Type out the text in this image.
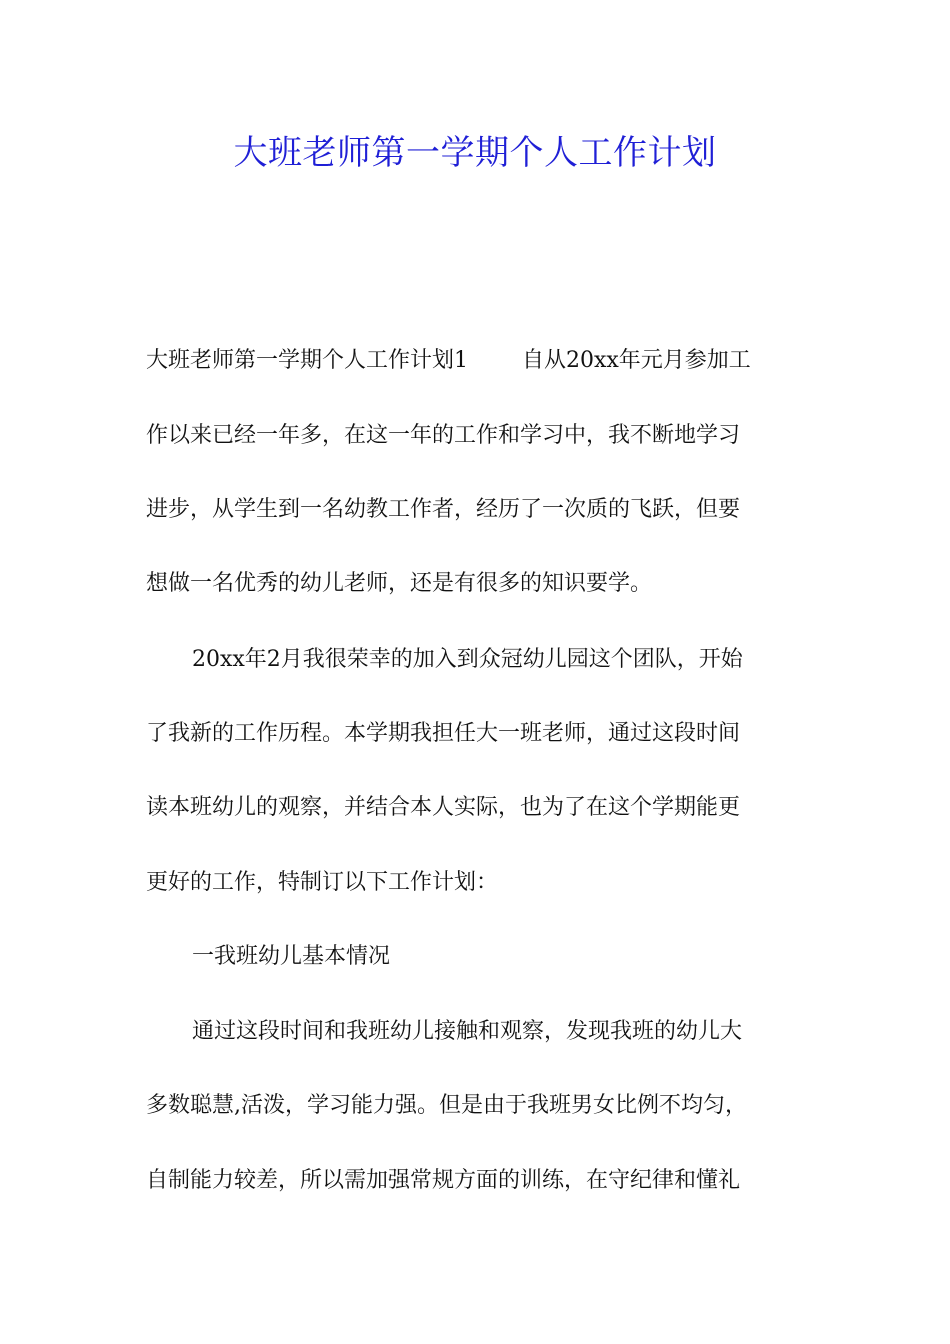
大班老师第一学期个人工作计划
大班老师第一学期个人工作计划1 自从20xx年元月参加工
作以来已经一年多，在这一年的工作和学习中，我不断地学习
进步，从学生到一名幼教工作者，经历了一次质的飞跃，但要
想做一名优秀的幼儿老师，还是有很多的知识要学。
20xx年2月我很荣幸的加入到众冠幼儿园这个团队，开始
了我新的工作历程。本学期我担任大一班老师，通过这段时间
读本班幼儿的观察，并结合本人实际，也为了在这个学期能更
更好的工作，特制订以下工作计划：
一我班幼儿基本情况
通过这段时间和我班幼儿接触和观察，发现我班的幼儿大
多数聪慧,活泼，学习能力强。但是由于我班男女比例不均匀，
自制能力较差，所以需加强常规方面的训练，在守纪律和懂礼
